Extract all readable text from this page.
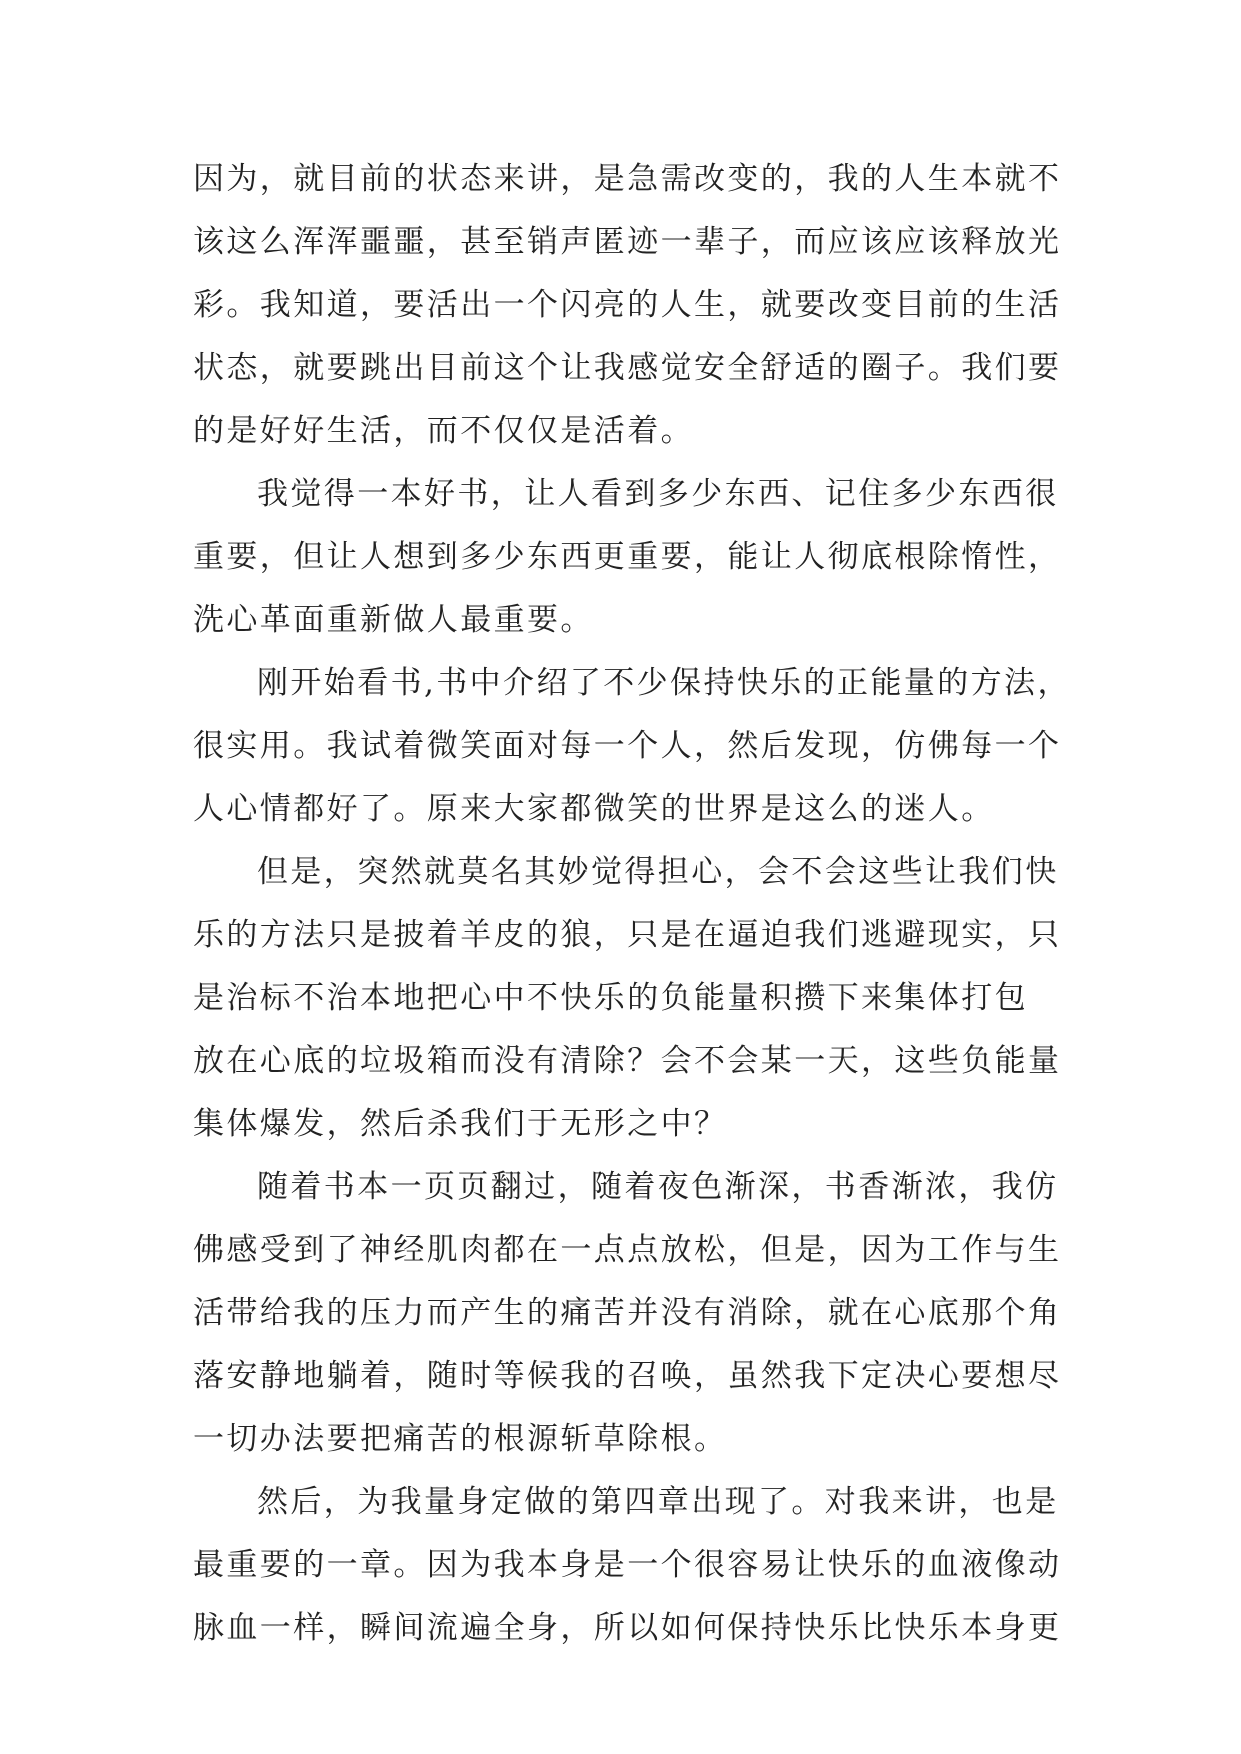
因为，就目前的状态来讲，是急需改变的，我的人生本就不
该这么浑浑噩噩，甚至销声匿迹一辈子，而应该应该释放光
彩。我知道，要活出一个闪亮的人生，就要改变目前的生活
状态，就要跳出目前这个让我感觉安全舒适的圈子。我们要
的是好好生活，而不仅仅是活着。
我觉得一本好书，让人看到多少东西、记住多少东西很
重要，但让人想到多少东西更重要，能让人彻底根除惰性，
洗心革面重新做人最重要。
刚开始看书,书中介绍了不少保持快乐的正能量的方法，
很实用。我试着微笑面对每一个人，然后发现，仿佛每一个
人心情都好了。原来大家都微笑的世界是这么的迷人。
但是，突然就莫名其妙觉得担心，会不会这些让我们快
乐的方法只是披着羊皮的狼，只是在逼迫我们逃避现实，只
是治标不治本地把心中不快乐的负能量积攒下来集体打包
放在心底的垃圾箱而没有清除？会不会某一天，这些负能量
集体爆发，然后杀我们于无形之中？
随着书本一页页翻过，随着夜色渐深，书香渐浓，我仿
佛感受到了神经肌肉都在一点点放松，但是，因为工作与生
活带给我的压力而产生的痛苦并没有消除，就在心底那个角
落安静地躺着，随时等候我的召唤，虽然我下定决心要想尽
一切办法要把痛苦的根源斩草除根。
然后，为我量身定做的第四章出现了。对我来讲，也是
最重要的一章。因为我本身是一个很容易让快乐的血液像动
脉血一样，瞬间流遍全身，所以如何保持快乐比快乐本身更
